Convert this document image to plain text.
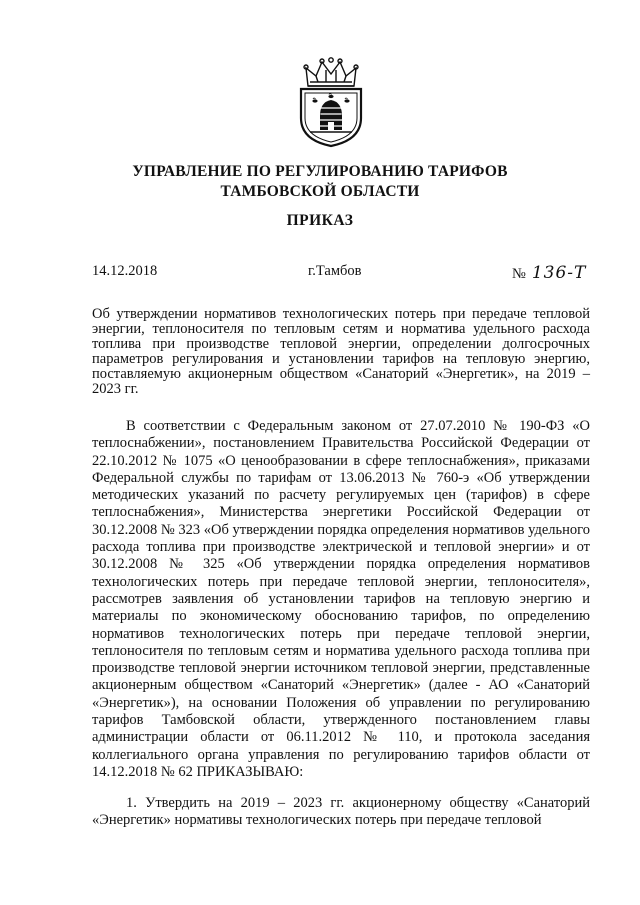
УПРАВЛЕНИЕ ПО РЕГУЛИРОВАНИЮ ТАРИФОВ
ТАМБОВСКОЙ ОБЛАСТИ
ПРИКАЗ
14.12.2018	г.Тамбов	№ 136-Т
Об утверждении нормативов технологических потерь при передаче тепловой энергии, теплоносителя по тепловым сетям и норматива удельного расхода топлива при производстве тепловой энергии, определении долгосрочных параметров регулирования и установлении тарифов на тепловую энергию, поставляемую акционерным обществом «Санаторий «Энергетик», на 2019 – 2023 гг.
В соответствии с Федеральным законом от 27.07.2010 № 190-ФЗ «О теплоснабжении», постановлением Правительства Российской Федерации от 22.10.2012 № 1075 «О ценообразовании в сфере теплоснабжения», приказами Федеральной службы по тарифам от 13.06.2013 № 760-э «Об утверждении методических указаний по расчету регулируемых цен (тарифов) в сфере теплоснабжения», Министерства энергетики Российской Федерации от 30.12.2008 № 323 «Об утверждении порядка определения нормативов удельного расхода топлива при производстве электрической и тепловой энергии» и от 30.12.2008 № 325 «Об утверждении порядка определения нормативов технологических потерь при передаче тепловой энергии, теплоносителя», рассмотрев заявления об установлении тарифов на тепловую энергию и материалы по экономическому обоснованию тарифов, по определению нормативов технологических потерь при передаче тепловой энергии, теплоносителя по тепловым сетям и норматива удельного расхода топлива при производстве тепловой энергии источником тепловой энергии, представленные акционерным обществом «Санаторий «Энергетик» (далее - АО «Санаторий «Энергетик»), на основании Положения об управлении по регулированию тарифов Тамбовской области, утвержденного постановлением главы администрации области от 06.11.2012 № 110, и протокола заседания коллегиального органа управления по регулированию тарифов области от 14.12.2018 № 62 ПРИКАЗЫВАЮ:
1. Утвердить на 2019 – 2023 гг. акционерному обществу «Санаторий «Энергетик» нормативы технологических потерь при передаче тепловой
